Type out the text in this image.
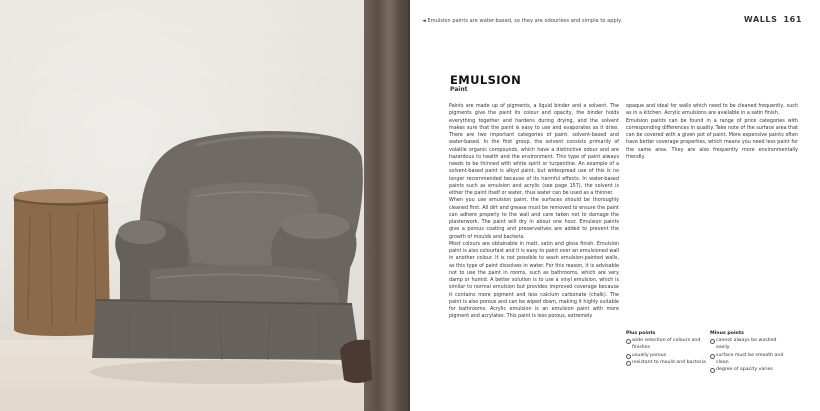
◄ Emulsion paints are water-based, so they are odourless and simple to apply.	WALLS 161
EMULSION
Paint

Paints are made up of pigments, a liquid binder and a solvent. The pigments give the paint its colour and opacity, the binder holds everything together and hardens during drying, and the solvent makes sure that the paint is easy to use and evaporates as it dries. There are two important categories of paint: solvent-based and water-based. In the first group, the solvent consists primarily of volatile organic compounds, which have a distinctive odour and are hazardous to health and the environment. This type of paint always needs to be thinned with white spirit or turpentine. An example of a solvent-based paint is alkyd paint, but widespread use of this is no longer recommended because of its harmful effects. In water-based paints such as emulsion and acrylic (see page 157), the solvent is either the paint itself or water, thus water can be used as a thinner.

When you use emulsion paint, the surfaces should be thoroughly cleaned first. All dirt and grease must be removed to ensure the paint can adhere properly to the wall and care taken not to damage the plasterwork. The paint will dry in about one hour. Emulsion paints give a porous coating and preservatives are added to prevent the growth of moulds and bacteria.

Most colours are obtainable in matt, satin and gloss finish. Emulsion paint is also colourfast and it is easy to paint over an emulsioned wall in another colour. It is not possible to wash emulsion-painted walls, as this type of paint dissolves in water. For this reason, it is advisable not to use the paint in rooms, such as bathrooms, which are very damp or humid. A better solution is to use a vinyl emulsion, which is similar to normal emulsion but provides improved coverage because it contains more pigment and less calcium carbonate (chalk). The paint is also porous and can be wiped down, making it highly suitable for bathrooms. Acrylic emulsion is an emulsion paint with more pigment and acrylates. This paint is less porous, extremely

opaque and ideal for walls which need to be cleaned frequently, such as in a kitchen. Acrylic emulsions are available in a satin finish.

Emulsion paints can be found in a range of price categories with corresponding differences in quality. Take note of the surface area that can be covered with a given pot of paint. More expensive paints often have better coverage properties, which means you need less paint for the same area. They are also frequently more environmentally friendly.

Plus points
wide selection of colours and finishes
usually porous
resistant to mould and bacteria
Minus points
cannot always be washed easily
surface must be smooth and clean
degree of opacity varies
